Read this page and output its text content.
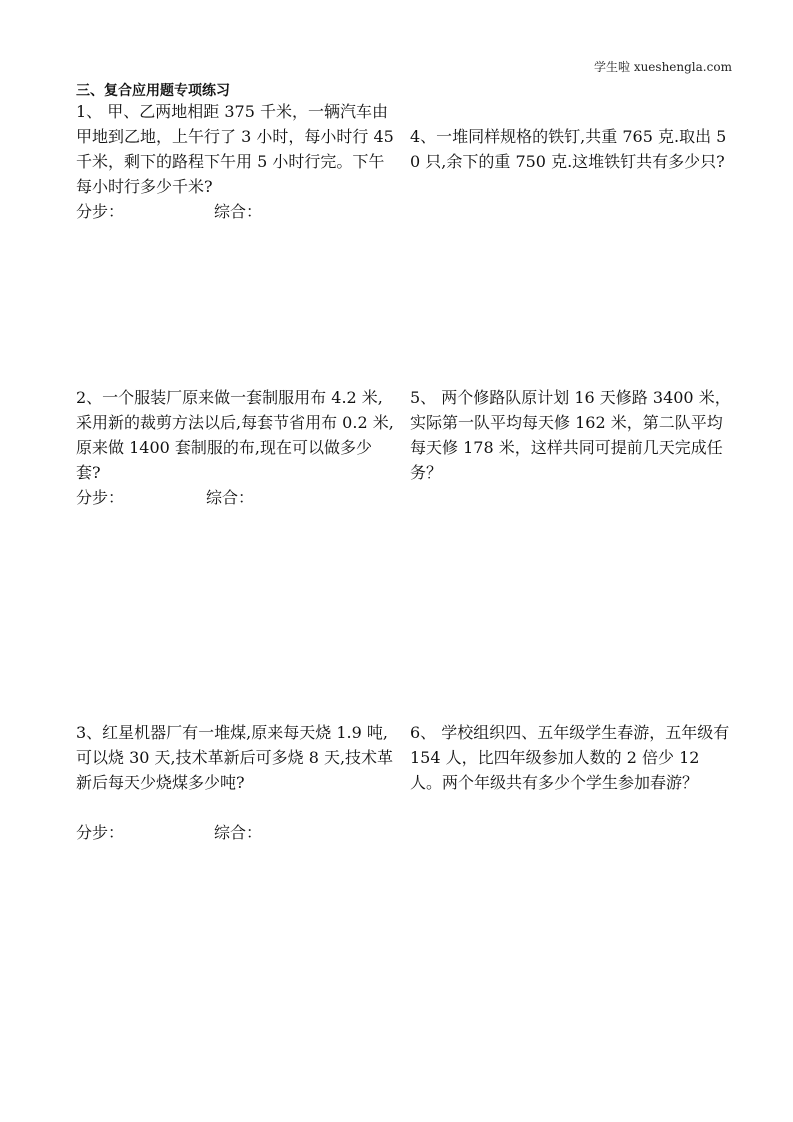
学生啦 xueshengla.com
三、复合应用题专项练习
1、 甲、乙两地相距 375 千米，一辆汽车由甲地到乙地，上午行了 3 小时，每小时行 45 千米，剩下的路程下午用 5 小时行完。下午每小时行多少千米?
分步：	综合：
4、一堆同样规格的铁钉,共重 765 克.取出 50 只,余下的重 750 克.这堆铁钉共有多少只?
2、一个服装厂原来做一套制服用布 4.2 米,采用新的裁剪方法以后,每套节省用布 0.2 米,原来做 1400 套制服的布,现在可以做多少套?
分步：	综合：
5、 两个修路队原计划 16 天修路 3400 米，实际第一队平均每天修 162 米，第二队平均每天修 178 米，这样共同可提前几天完成任务？
3、红星机器厂有一堆煤,原来每天烧 1.9 吨,可以烧 30 天,技术革新后可多烧 8 天,技术革新后每天少烧煤多少吨?
分步：	综合：
6、 学校组织四、五年级学生春游，五年级有 154 人，比四年级参加人数的 2 倍少 12 人。两个年级共有多少个学生参加春游？
